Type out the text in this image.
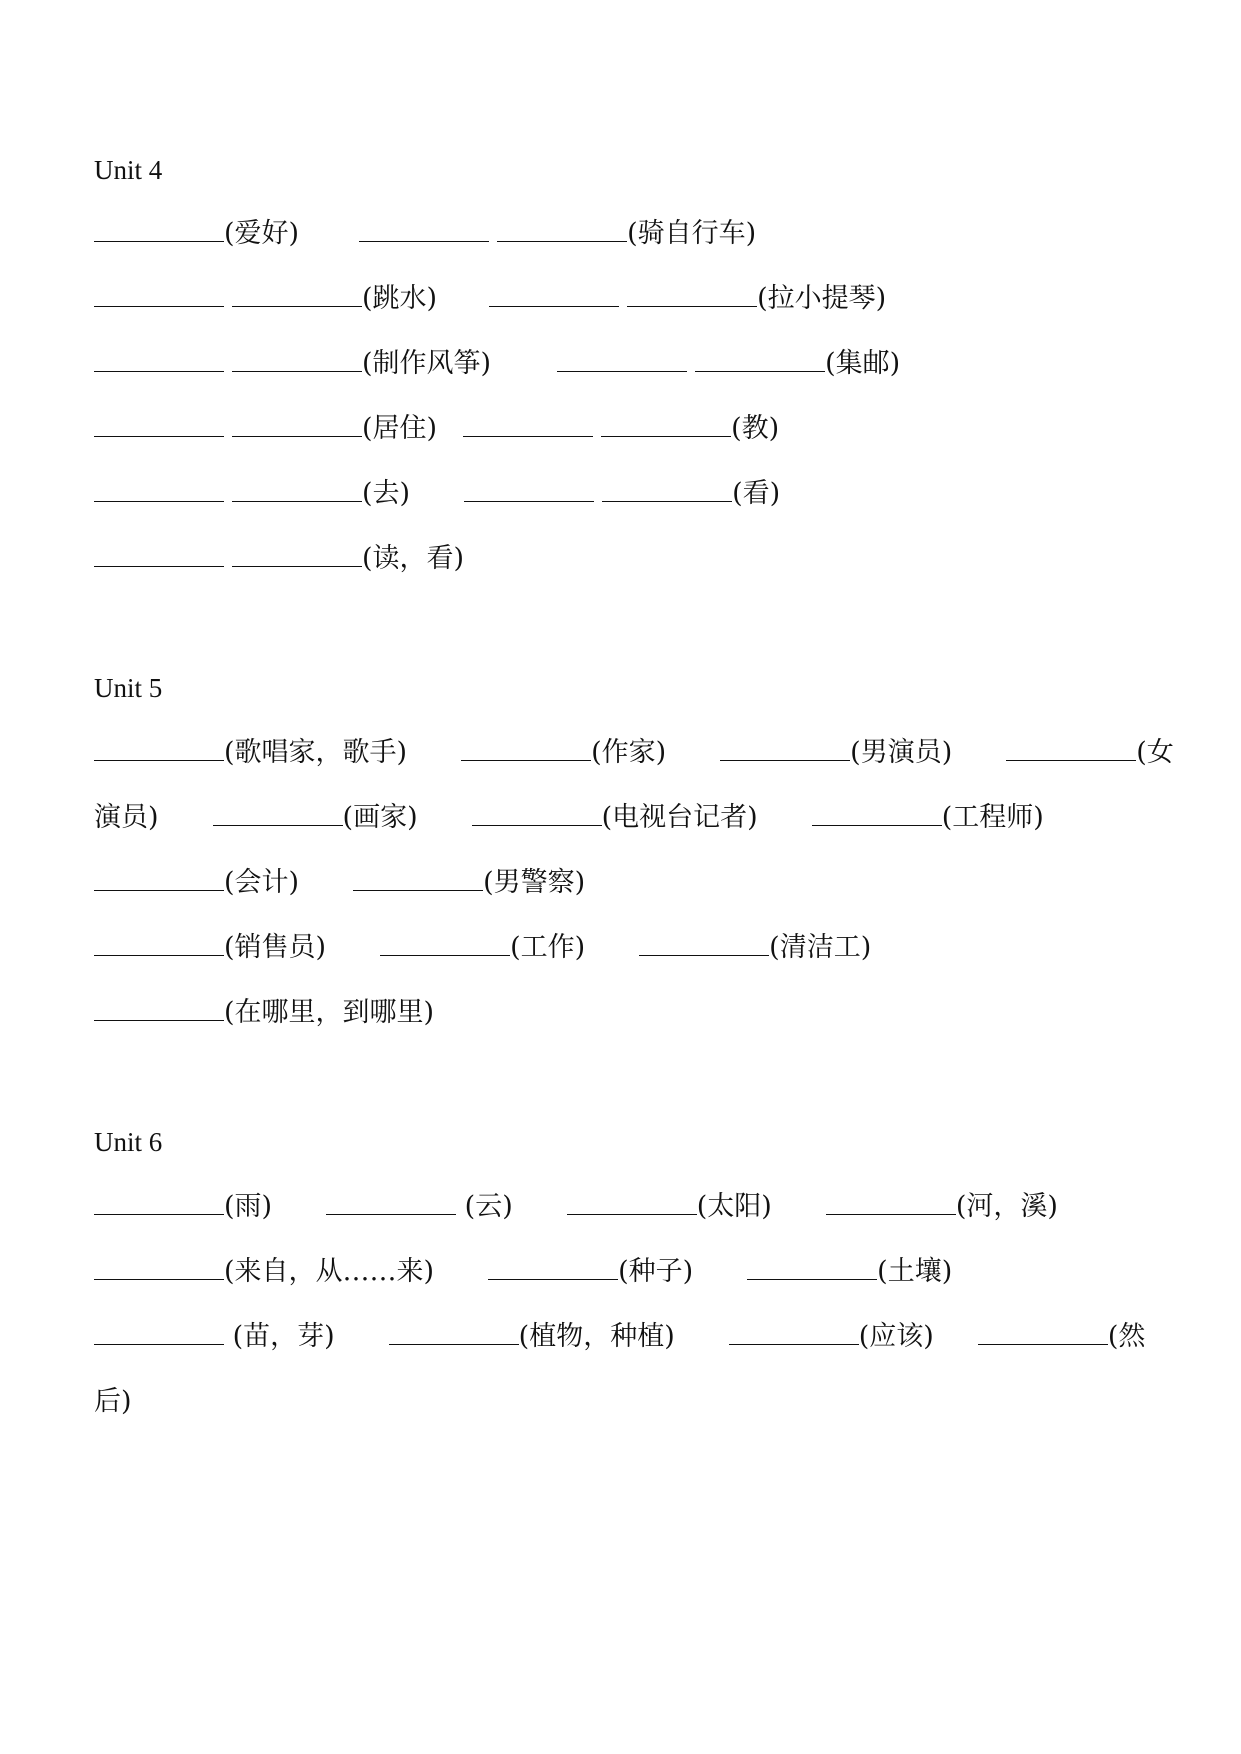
Unit 4
(爱好)	(骑自行车)
(跳水)	(拉小提琴)
(制作风筝)	(集邮)
(居住)	(教)
(去)	(看)
(读，看)
Unit 5
(歌唱家，歌手)	(作家)	(男演员)	(女
演员)	(画家)	(电视台记者)	(工程师)
(会计)	(男警察)
(销售员)	(工作)	(清洁工)
(在哪里，到哪里)
Unit 6
(雨)	(云)	(太阳)	(河，溪)
(来自，从……来)	(种子)	(土壤)
(苗，芽)	(植物，种植)	(应该)	(然
后)
